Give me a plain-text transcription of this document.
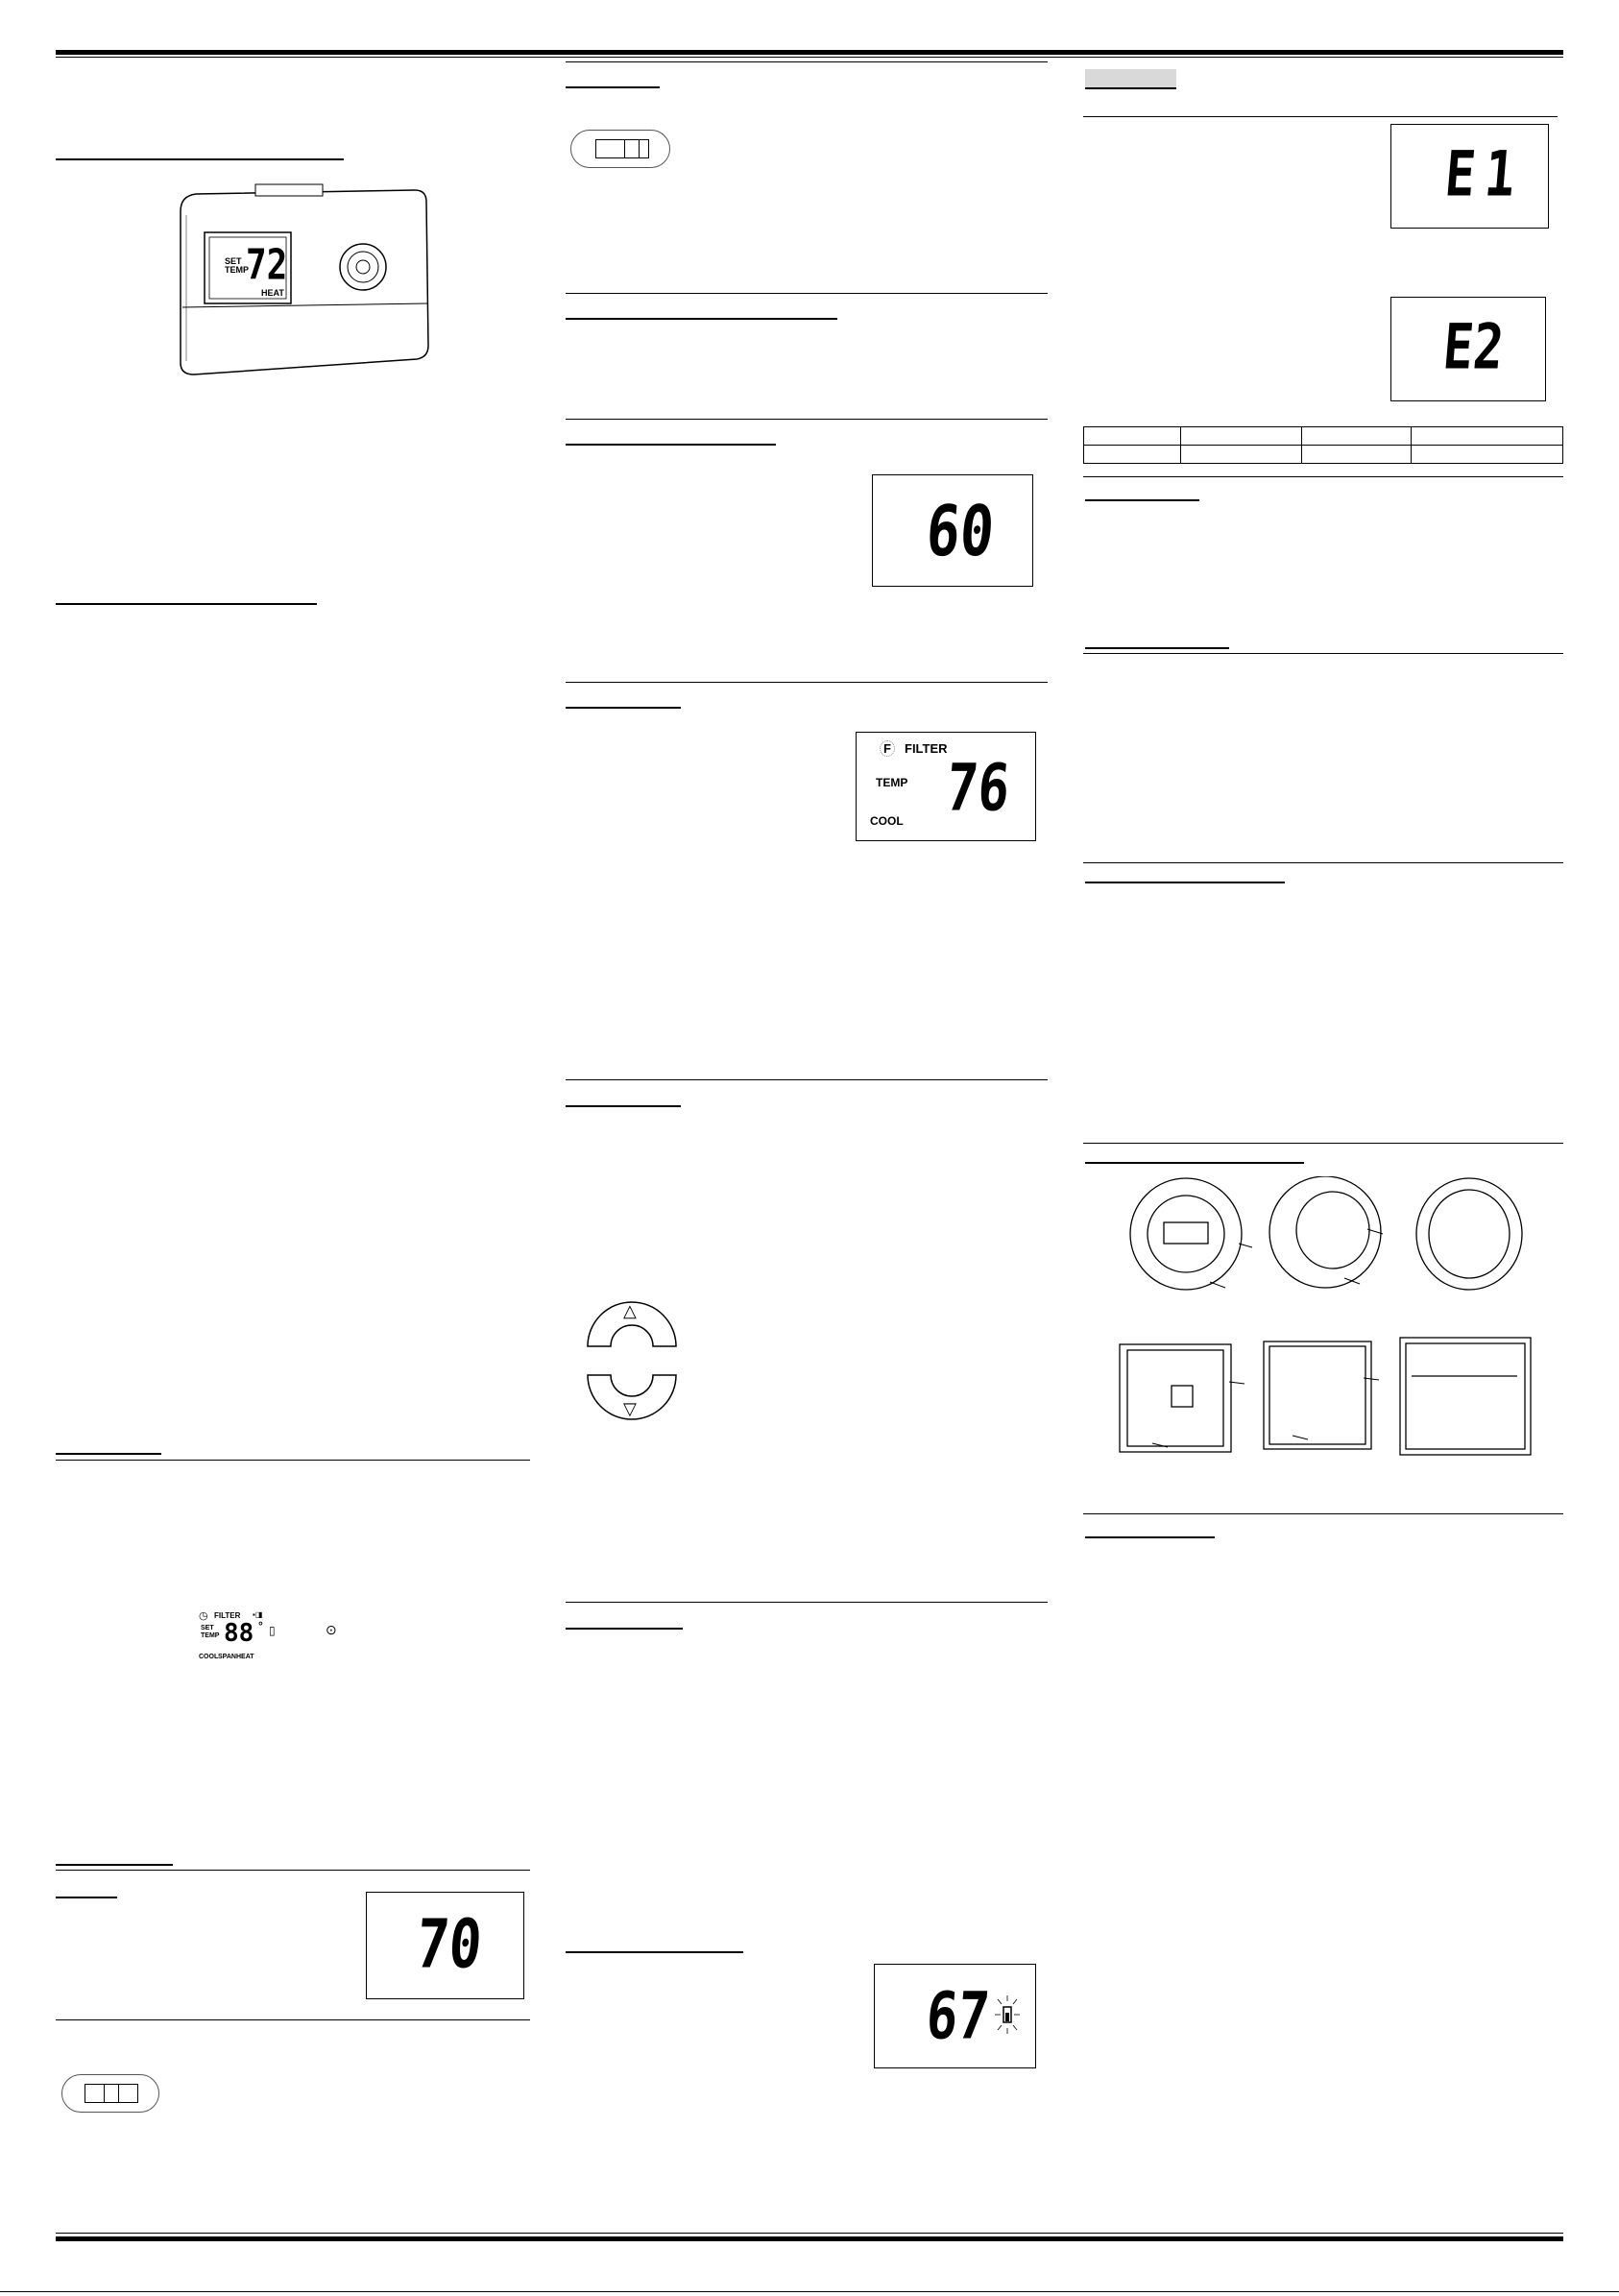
SET
TEMP
72
HEAT
◷ FILTER ▪◨
SET
TEMP 88 ° ▯
COOL SPAN HEAT
⊙
70
60
F	FILTER
TEMP
COOL 76
△
▽
67
E1
E2
